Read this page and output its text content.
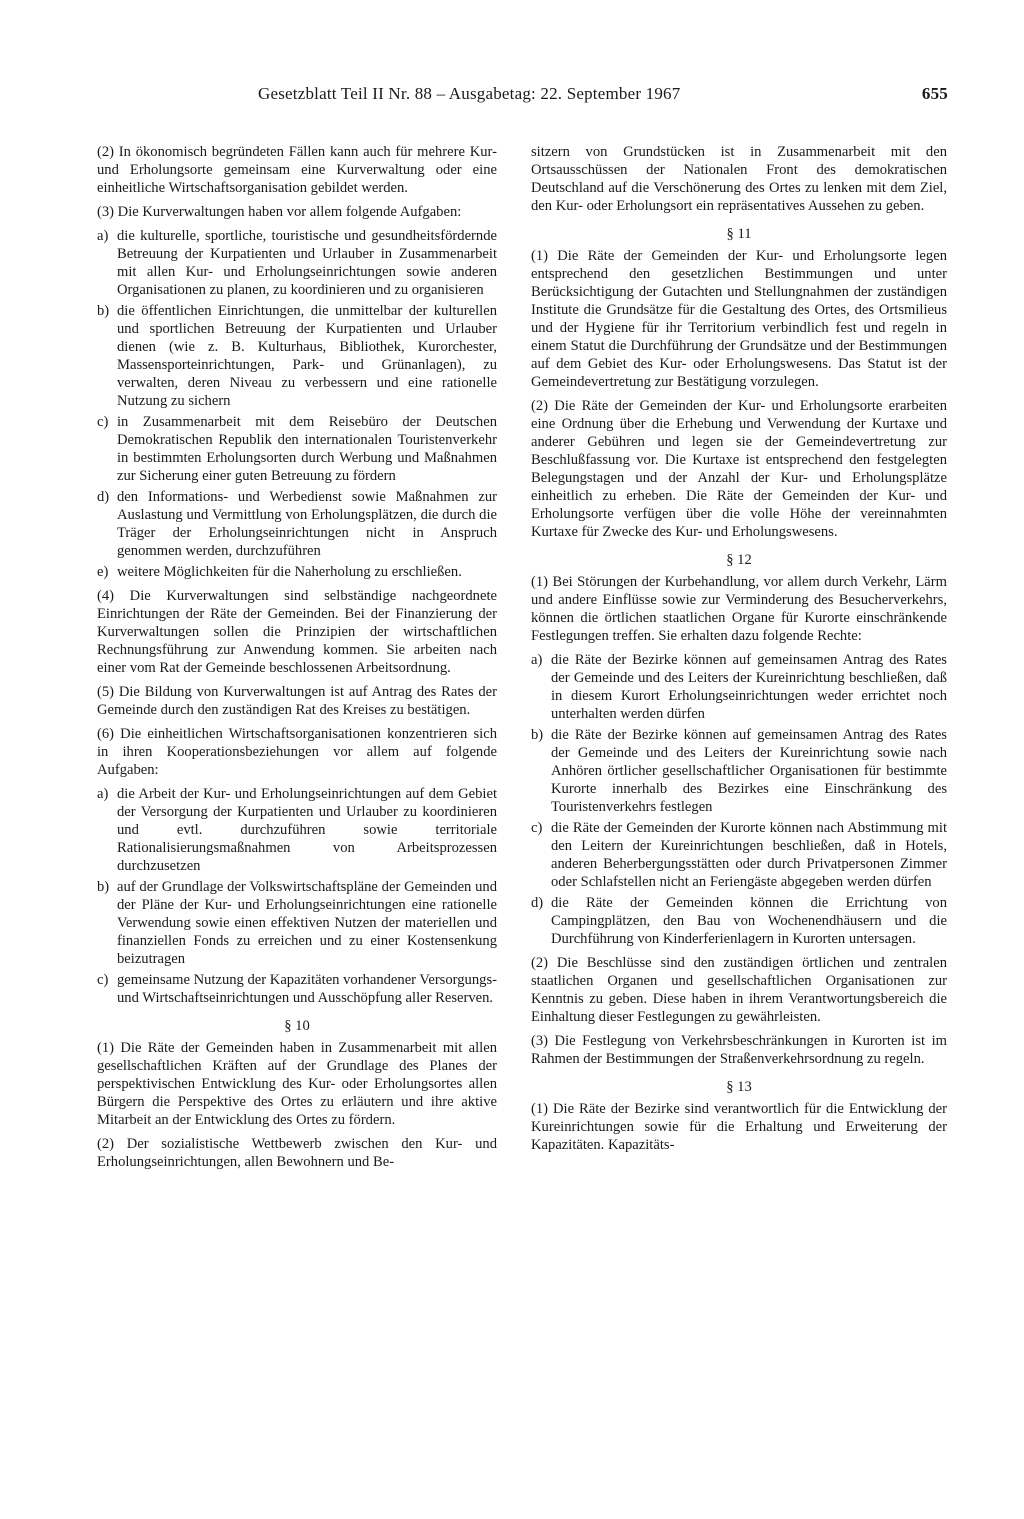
Gesetzblatt Teil II Nr. 88 – Ausgabetag: 22. September 1967	655

(2) In ökonomisch begründeten Fällen kann auch für mehrere Kur- und Erholungsorte gemeinsam eine Kurverwaltung oder eine einheitliche Wirtschaftsorganisation gebildet werden.

(3) Die Kurverwaltungen haben vor allem folgende Aufgaben:

a) die kulturelle, sportliche, touristische und gesundheitsfördernde Betreuung der Kurpatienten und Urlauber in Zusammenarbeit mit allen Kur- und Erholungseinrichtungen sowie anderen Organisationen zu planen, zu koordinieren und zu organisieren
b) die öffentlichen Einrichtungen, die unmittelbar der kulturellen und sportlichen Betreuung der Kurpatienten und Urlauber dienen (wie z. B. Kulturhaus, Bibliothek, Kurorchester, Massensporteinrichtungen, Park- und Grünanlagen), zu verwalten, deren Niveau zu verbessern und eine rationelle Nutzung zu sichern
c) in Zusammenarbeit mit dem Reisebüro der Deutschen Demokratischen Republik den internationalen Touristenverkehr in bestimmten Erholungsorten durch Werbung und Maßnahmen zur Sicherung einer guten Betreuung zu fördern
d) den Informations- und Werbedienst sowie Maßnahmen zur Auslastung und Vermittlung von Erholungsplätzen, die durch die Träger der Erholungseinrichtungen nicht in Anspruch genommen werden, durchzuführen
e) weitere Möglichkeiten für die Naherholung zu erschließen.

(4) Die Kurverwaltungen sind selbständige nachgeordnete Einrichtungen der Räte der Gemeinden. Bei der Finanzierung der Kurverwaltungen sollen die Prinzipien der wirtschaftlichen Rechnungsführung zur Anwendung kommen. Sie arbeiten nach einer vom Rat der Gemeinde beschlossenen Arbeitsordnung.

(5) Die Bildung von Kurverwaltungen ist auf Antrag des Rates der Gemeinde durch den zuständigen Rat des Kreises zu bestätigen.

(6) Die einheitlichen Wirtschaftsorganisationen konzentrieren sich in ihren Kooperationsbeziehungen vor allem auf folgende Aufgaben:

a) die Arbeit der Kur- und Erholungseinrichtungen auf dem Gebiet der Versorgung der Kurpatienten und Urlauber zu koordinieren und evtl. durchzuführen sowie territoriale Rationalisierungsmaßnahmen von Arbeitsprozessen durchzusetzen
b) auf der Grundlage der Volkswirtschaftspläne der Gemeinden und der Pläne der Kur- und Erholungseinrichtungen eine rationelle Verwendung sowie einen effektiven Nutzen der materiellen und finanziellen Fonds zu erreichen und zu einer Kostensenkung beizutragen
c) gemeinsame Nutzung der Kapazitäten vorhandener Versorgungs- und Wirtschaftseinrichtungen und Ausschöpfung aller Reserven.
§ 10

(1) Die Räte der Gemeinden haben in Zusammenarbeit mit allen gesellschaftlichen Kräften auf der Grundlage des Planes der perspektivischen Entwicklung des Kur- oder Erholungsortes allen Bürgern die Perspektive des Ortes zu erläutern und ihre aktive Mitarbeit an der Entwicklung des Ortes zu fördern.

(2) Der sozialistische Wettbewerb zwischen den Kur- und Erholungseinrichtungen, allen Bewohnern und Be-

sitzern von Grundstücken ist in Zusammenarbeit mit den Ortsausschüssen der Nationalen Front des demokratischen Deutschland auf die Verschönerung des Ortes zu lenken mit dem Ziel, den Kur- oder Erholungsort ein repräsentatives Aussehen zu geben.

§ 11

(1) Die Räte der Gemeinden der Kur- und Erholungsorte legen entsprechend den gesetzlichen Bestimmungen und unter Berücksichtigung der Gutachten und Stellungnahmen der zuständigen Institute die Grundsätze für die Gestaltung des Ortes, des Ortsmilieus und der Hygiene für ihr Territorium verbindlich fest und regeln in einem Statut die Durchführung der Grundsätze und der Bestimmungen auf dem Gebiet des Kur- oder Erholungswesens. Das Statut ist der Gemeindevertretung zur Bestätigung vorzulegen.

(2) Die Räte der Gemeinden der Kur- und Erholungsorte erarbeiten eine Ordnung über die Erhebung und Verwendung der Kurtaxe und anderer Gebühren und legen sie der Gemeindevertretung zur Beschlußfassung vor. Die Kurtaxe ist entsprechend den festgelegten Belegungstagen und der Anzahl der Kur- und Erholungsplätze einheitlich zu erheben. Die Räte der Gemeinden der Kur- und Erholungsorte verfügen über die volle Höhe der vereinnahmten Kurtaxe für Zwecke des Kur- und Erholungswesens.

§ 12

(1) Bei Störungen der Kurbehandlung, vor allem durch Verkehr, Lärm und andere Einflüsse sowie zur Verminderung des Besucherverkehrs, können die örtlichen staatlichen Organe für Kurorte einschränkende Festlegungen treffen. Sie erhalten dazu folgende Rechte:

a) die Räte der Bezirke können auf gemeinsamen Antrag des Rates der Gemeinde und des Leiters der Kureinrichtung beschließen, daß in diesem Kurort Erholungseinrichtungen weder errichtet noch unterhalten werden dürfen
b) die Räte der Bezirke können auf gemeinsamen Antrag des Rates der Gemeinde und des Leiters der Kureinrichtung sowie nach Anhören örtlicher gesellschaftlicher Organisationen für bestimmte Kurorte innerhalb des Bezirkes eine Einschränkung des Touristenverkehrs festlegen
c) die Räte der Gemeinden der Kurorte können nach Abstimmung mit den Leitern der Kureinrichtungen beschließen, daß in Hotels, anderen Beherbergungsstätten oder durch Privatpersonen Zimmer oder Schlafstellen nicht an Feriengäste abgegeben werden dürfen
d) die Räte der Gemeinden können die Errichtung von Campingplätzen, den Bau von Wochenendhäusern und die Durchführung von Kinderferienlagern in Kurorten untersagen.

(2) Die Beschlüsse sind den zuständigen örtlichen und zentralen staatlichen Organen und gesellschaftlichen Organisationen zur Kenntnis zu geben. Diese haben in ihrem Verantwortungsbereich die Einhaltung dieser Festlegungen zu gewährleisten.

(3) Die Festlegung von Verkehrsbeschränkungen in Kurorten ist im Rahmen der Bestimmungen der Straßenverkehrsordnung zu regeln.

§ 13

(1) Die Räte der Bezirke sind verantwortlich für die Entwicklung der Kureinrichtungen sowie für die Erhaltung und Erweiterung der Kapazitäten. Kapazitäts-
